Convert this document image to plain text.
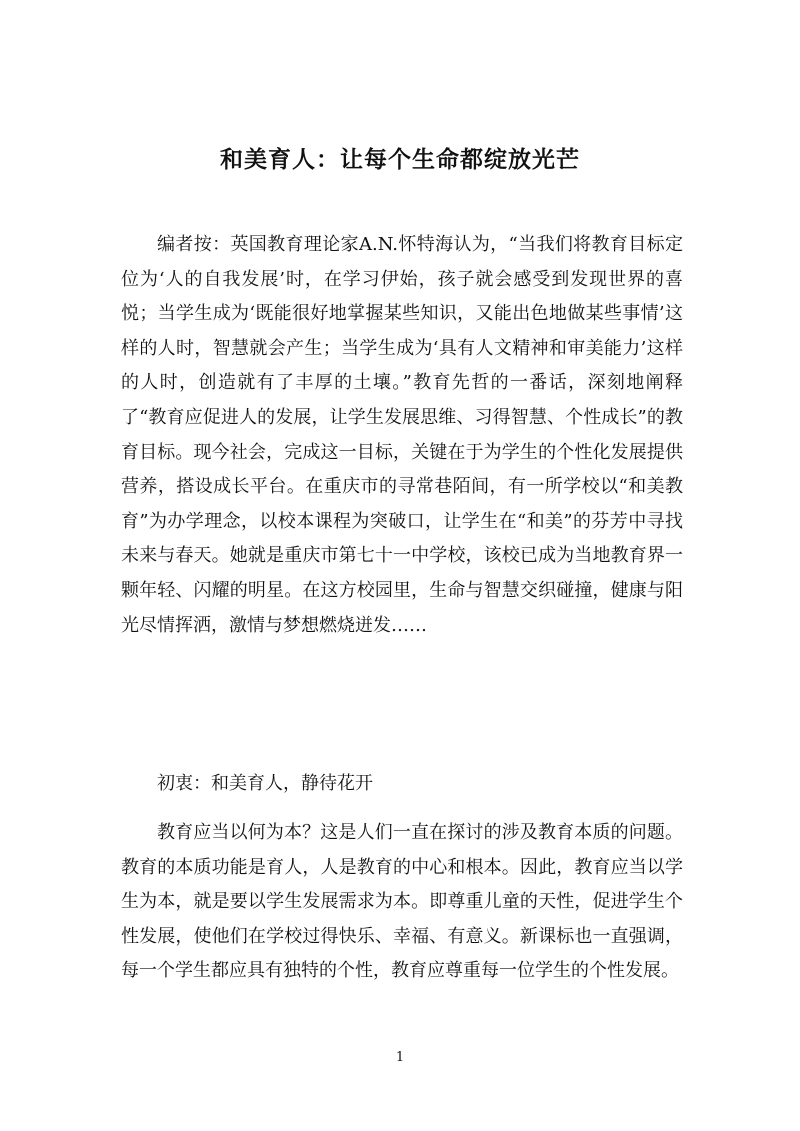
和美育人：让每个生命都绽放光芒

编者按：英国教育理论家A.N.怀特海认为，“当我们将教育目标定位为‘人的自我发展’时，在学习伊始，孩子就会感受到发现世界的喜悦；当学生成为‘既能很好地掌握某些知识，又能出色地做某些事情’这样的人时，智慧就会产生；当学生成为‘具有人文精神和审美能力’这样的人时，创造就有了丰厚的土壤。”教育先哲的一番话，深刻地阐释了“教育应促进人的发展，让学生发展思维、习得智慧、个性成长”的教育目标。现今社会，完成这一目标，关键在于为学生的个性化发展提供营养，搭设成长平台。在重庆市的寻常巷陌间，有一所学校以“和美教育”为办学理念，以校本课程为突破口，让学生在“和美”的芬芳中寻找未来与春天。她就是重庆市第七十一中学校，该校已成为当地教育界一颗年轻、闪耀的明星。在这方校园里，生命与智慧交织碰撞，健康与阳光尽情挥洒，激情与梦想燃烧迸发……

初衷：和美育人，静待花开

教育应当以何为本？这是人们一直在探讨的涉及教育本质的问题。教育的本质功能是育人，人是教育的中心和根本。因此，教育应当以学生为本，就是要以学生发展需求为本。即尊重儿童的天性，促进学生个性发展，使他们在学校过得快乐、幸福、有意义。新课标也一直强调，每一个学生都应具有独特的个性，教育应尊重每一位学生的个性发展。

1
